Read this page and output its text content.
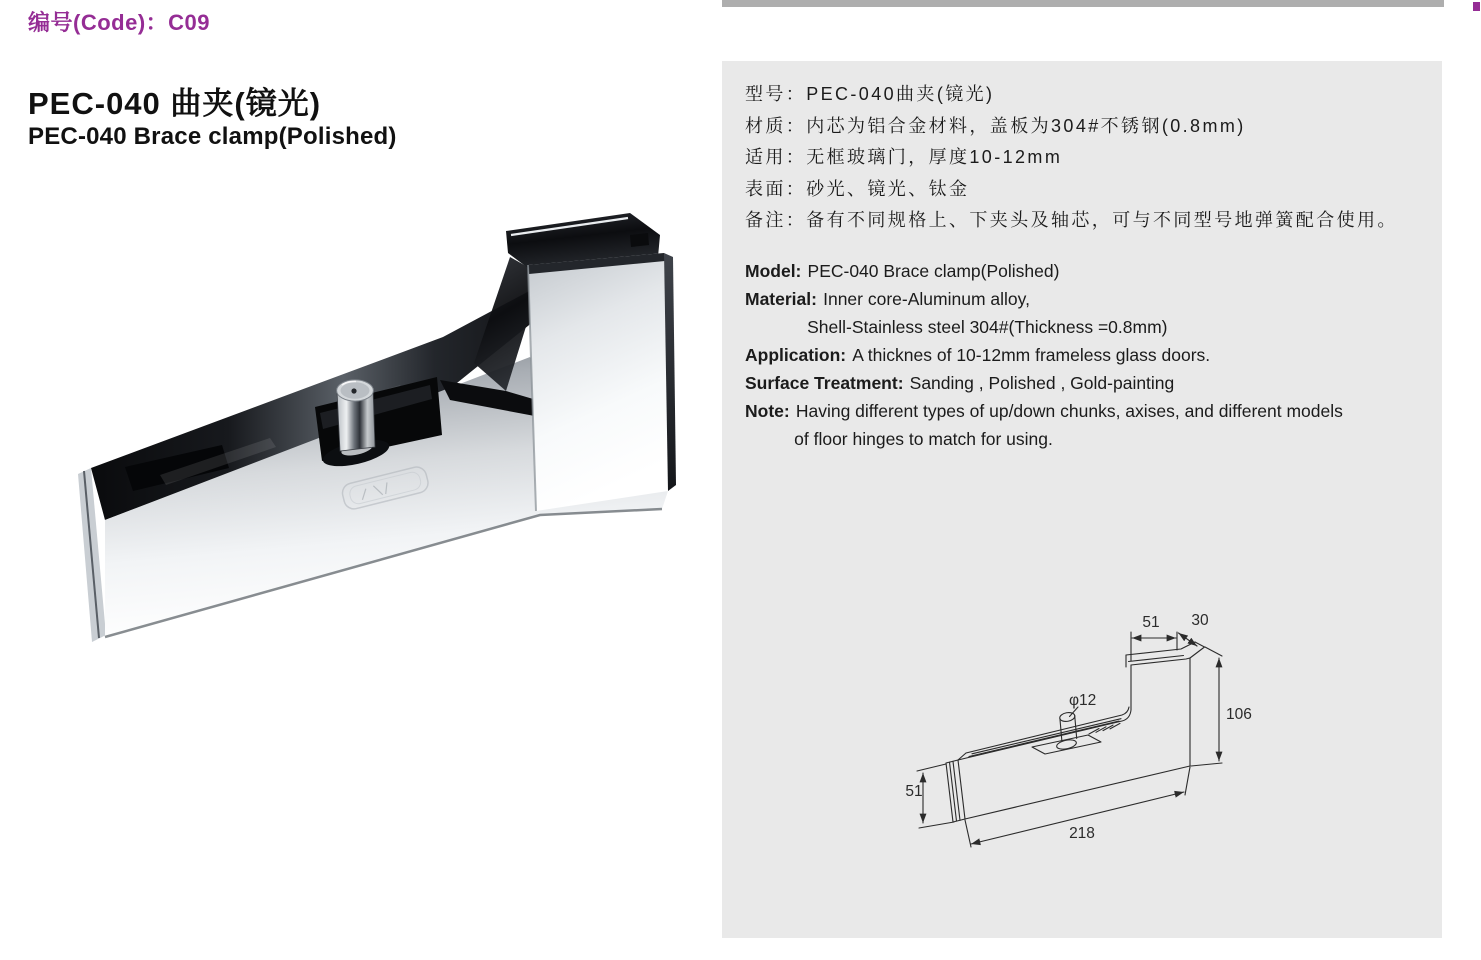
编号(Code)：C09
PEC-040 曲夹(镜光)
PEC-040 Brace clamp(Polished)
型号：PEC-040曲夹(镜光)
材质：内芯为铝合金材料，盖板为304#不锈钢(0.8mm)
适用：无框玻璃门，厚度10-12mm
表面：砂光、镜光、钛金
备注：备有不同规格上、下夹头及轴芯，可与不同型号地弹簧配合使用。
Model: PEC-040 Brace clamp(Polished)
Material: Inner core-Aluminum alloy,
Shell-Stainless steel 304#(Thickness =0.8mm)
Application: A thicknes of 10-12mm frameless glass doors.
Surface Treatment: Sanding , Polished , Gold-painting
Note: Having different types of up/down chunks, axises, and different models
of floor hinges to match for using.
51 30
106
51
218
φ12
